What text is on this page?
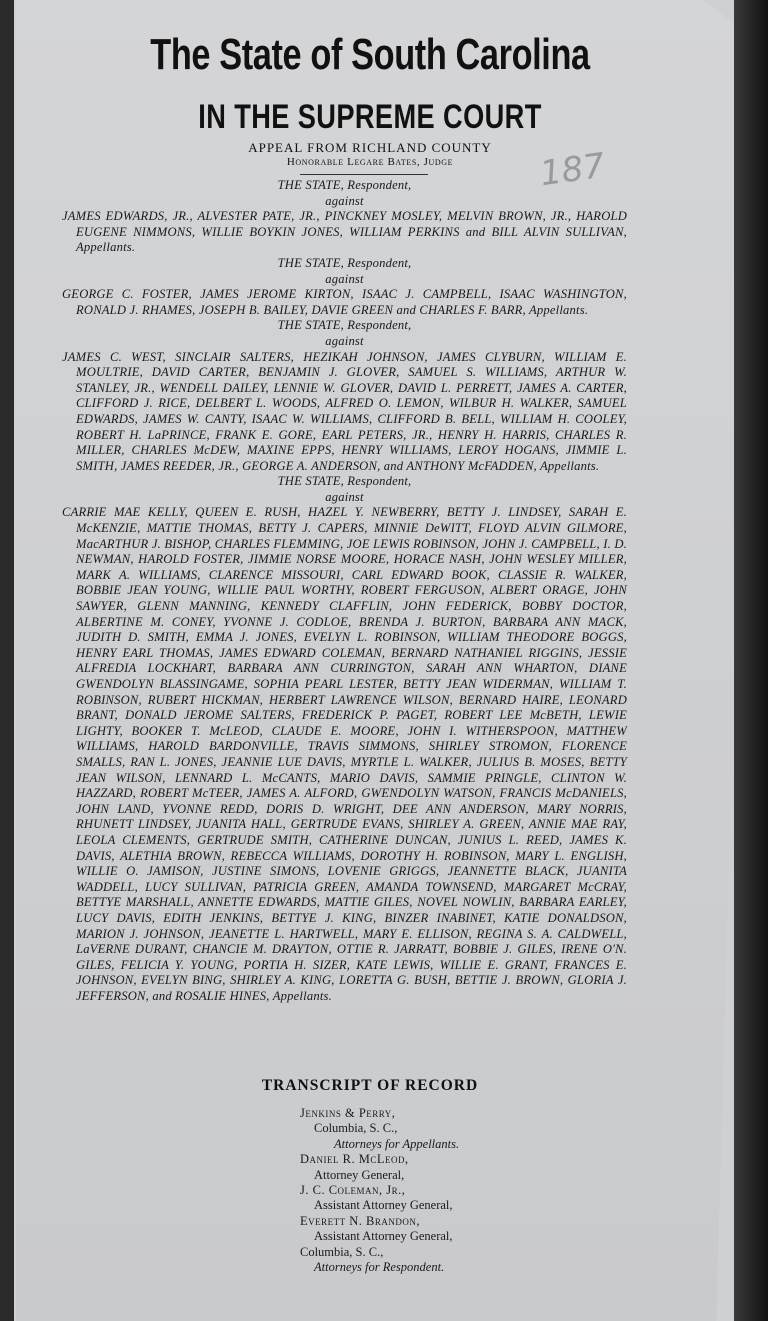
The State of South Carolina
IN THE SUPREME COURT
APPEAL FROM RICHLAND COUNTY
Honorable Legare Bates, Judge	187
THE STATE, Respondent,
against
JAMES EDWARDS, JR., ALVESTER PATE, JR., PINCKNEY MOSLEY, MELVIN BROWN, JR., HAROLD EUGENE NIMMONS, WILLIE BOYKIN JONES, WILLIAM PERKINS and BILL ALVIN SULLIVAN, Appellants.
THE STATE, Respondent,
against
GEORGE C. FOSTER, JAMES JEROME KIRTON, ISAAC J. CAMPBELL, ISAAC WASHINGTON, RONALD J. RHAMES, JOSEPH B. BAILEY, DAVIE GREEN and CHARLES F. BARR, Appellants.
THE STATE, Respondent,
against
JAMES C. WEST, SINCLAIR SALTERS, HEZIKAH JOHNSON, JAMES CLYBURN, WILLIAM E. MOULTRIE, DAVID CARTER, BENJAMIN J. GLOVER, SAMUEL S. WILLIAMS, ARTHUR W. STANLEY, JR., WENDELL DAILEY, LENNIE W. GLOVER, DAVID L. PERRETT, JAMES A. CARTER, CLIFFORD J. RICE, DELBERT L. WOODS, ALFRED O. LEMON, WILBUR H. WALKER, SAMUEL EDWARDS, JAMES W. CANTY, ISAAC W. WILLIAMS, CLIFFORD B. BELL, WILLIAM H. COOLEY, ROBERT H. LaPRINCE, FRANK E. GORE, EARL PETERS, JR., HENRY H. HARRIS, CHARLES R. MILLER, CHARLES McDEW, MAXINE EPPS, HENRY WILLIAMS, LEROY HOGANS, JIMMIE L. SMITH, JAMES REEDER, JR., GEORGE A. ANDERSON, and ANTHONY McFADDEN, Appellants.
THE STATE, Respondent,
against
CARRIE MAE KELLY, QUEEN E. RUSH, HAZEL Y. NEWBERRY, BETTY J. LINDSEY, SARAH E. McKENZIE, MATTIE THOMAS, BETTY J. CAPERS, MINNIE DeWITT, FLOYD ALVIN GILMORE, MacARTHUR J. BISHOP, CHARLES FLEMMING, JOE LEWIS ROBINSON, JOHN J. CAMPBELL, I. D. NEWMAN, HAROLD FOSTER, JIMMIE NORSE MOORE, HORACE NASH, JOHN WESLEY MILLER, MARK A. WILLIAMS, CLARENCE MISSOURI, CARL EDWARD BOOK, CLASSIE R. WALKER, BOBBIE JEAN YOUNG, WILLIE PAUL WORTHY, ROBERT FERGUSON, ALBERT ORAGE, JOHN SAWYER, GLENN MANNING, KENNEDY CLAFFLIN, JOHN FEDERICK, BOBBY DOCTOR, ALBERTINE M. CONEY, YVONNE J. CODLOE, BRENDA J. BURTON, BARBARA ANN MACK, JUDITH D. SMITH, EMMA J. JONES, EVELYN L. ROBINSON, WILLIAM THEODORE BOGGS, HENRY EARL THOMAS, JAMES EDWARD COLEMAN, BERNARD NATHANIEL RIGGINS, JESSIE ALFREDIA LOCKHART, BARBARA ANN CURRINGTON, SARAH ANN WHARTON, DIANE GWENDOLYN BLASSINGAME, SOPHIA PEARL LESTER, BETTY JEAN WIDERMAN, WILLIAM T. ROBINSON, RUBERT HICKMAN, HERBERT LAWRENCE WILSON, BERNARD HAIRE, LEONARD BRANT, DONALD JEROME SALTERS, FREDERICK P. PAGET, ROBERT LEE McBETH, LEWIE LIGHTY, BOOKER T. McLEOD, CLAUDE E. MOORE, JOHN I. WITHERSPOON, MATTHEW WILLIAMS, HAROLD BARDONVILLE, TRAVIS SIMMONS, SHIRLEY STROMON, FLORENCE SMALLS, RAN L. JONES, JEANNIE LUE DAVIS, MYRTLE L. WALKER, JULIUS B. MOSES, BETTY JEAN WILSON, LENNARD L. McCANTS, MARIO DAVIS, SAMMIE PRINGLE, CLINTON W. HAZZARD, ROBERT McTEER, JAMES A. ALFORD, GWENDOLYN WATSON, FRANCIS McDANIELS, JOHN LAND, YVONNE REDD, DORIS D. WRIGHT, DEE ANN ANDERSON, MARY NORRIS, RHUNETT LINDSEY, JUANITA HALL, GERTRUDE EVANS, SHIRLEY A. GREEN, ANNIE MAE RAY, LEOLA CLEMENTS, GERTRUDE SMITH, CATHERINE DUNCAN, JUNIUS L. REED, JAMES K. DAVIS, ALETHIA BROWN, REBECCA WILLIAMS, DOROTHY H. ROBINSON, MARY L. ENGLISH, WILLIE O. JAMISON, JUSTINE SIMONS, LOVENIE GRIGGS, JEANNETTE BLACK, JUANITA WADDELL, LUCY SULLIVAN, PATRICIA GREEN, AMANDA TOWNSEND, MARGARET McCRAY, BETTYE MARSHALL, ANNETTE EDWARDS, MATTIE GILES, NOVEL NOWLIN, BARBARA EARLEY, LUCY DAVIS, EDITH JENKINS, BETTYE J. KING, BINZER INABINET, KATIE DONALDSON, MARION J. JOHNSON, JEANETTE L. HARTWELL, MARY E. ELLISON, REGINA S. A. CALDWELL, LaVERNE DURANT, CHANCIE M. DRAYTON, OTTIE R. JARRATT, BOBBIE J. GILES, IRENE O'N. GILES, FELICIA Y. YOUNG, PORTIA H. SIZER, KATE LEWIS, WILLIE E. GRANT, FRANCES E. JOHNSON, EVELYN BING, SHIRLEY A. KING, LORETTA G. BUSH, BETTIE J. BROWN, GLORIA J. JEFFERSON, and ROSALIE HINES, Appellants.
TRANSCRIPT OF RECORD
Jenkins & Perry,
Columbia, S. C.,
Attorneys for Appellants.
Daniel R. McLeod,
Attorney General,
J. C. Coleman, Jr.,
Assistant Attorney General,
Everett N. Brandon,
Assistant Attorney General,
Columbia, S. C.,
Attorneys for Respondent.
